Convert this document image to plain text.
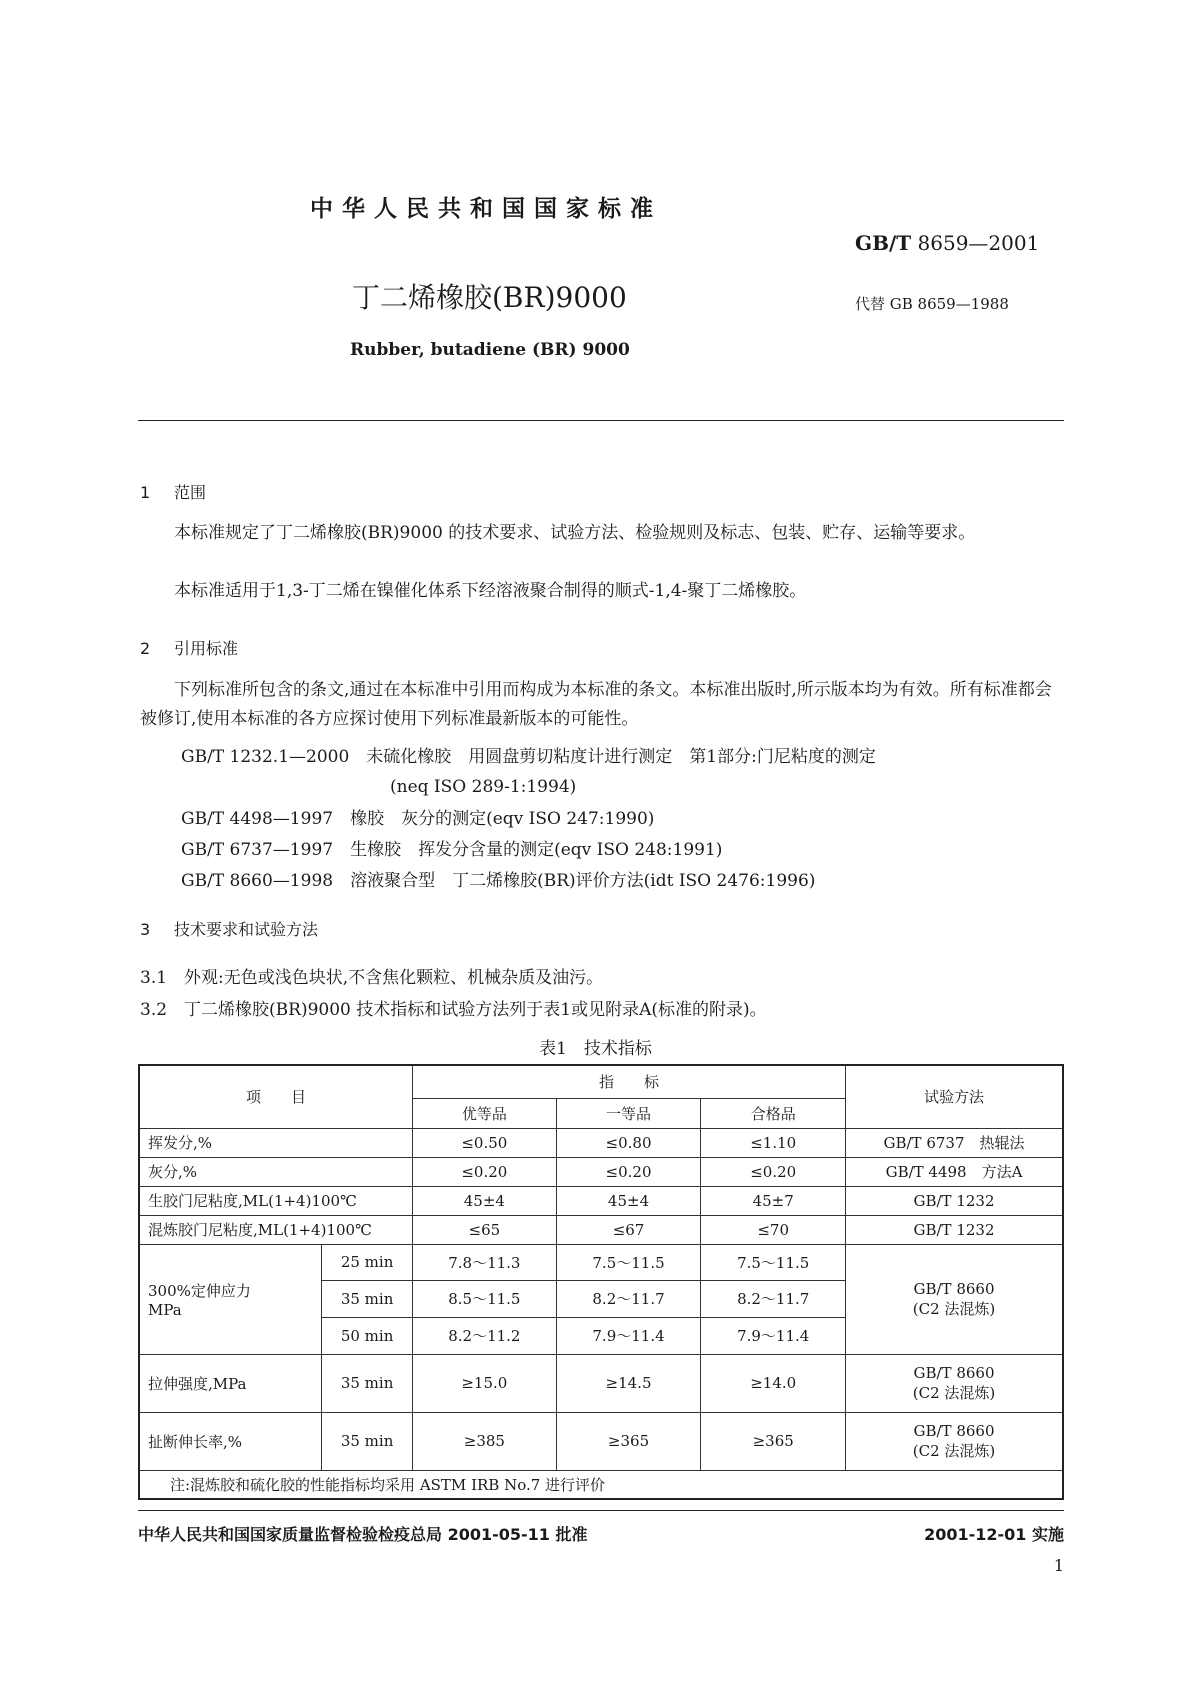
中华人民共和国国家标准
GB/T 8659—2001
丁二烯橡胶(BR)9000	代替 GB 8659—1988
Rubber, butadiene (BR) 9000
1 范围
本标准规定了丁二烯橡胶(BR)9000 的技术要求、试验方法、检验规则及标志、包装、贮存、运输等要求。
本标准适用于1,3-丁二烯在镍催化体系下经溶液聚合制得的顺式-1,4-聚丁二烯橡胶。
2 引用标准
下列标准所包含的条文,通过在本标准中引用而构成为本标准的条文。本标准出版时,所示版本均为有效。所有标准都会被修订,使用本标准的各方应探讨使用下列标准最新版本的可能性。
GB/T 1232.1—2000　未硫化橡胶　用圆盘剪切粘度计进行测定　第1部分:门尼粘度的测定
(neq ISO 289-1:1994)
GB/T 4498—1997　橡胶　灰分的测定(eqv ISO 247:1990)
GB/T 6737—1997　生橡胶　挥发分含量的测定(eqv ISO 248:1991)
GB/T 8660—1998　溶液聚合型　丁二烯橡胶(BR)评价方法(idt ISO 2476:1996)
3 技术要求和试验方法
3.1　外观:无色或浅色块状,不含焦化颗粒、机械杂质及油污。
3.2　丁二烯橡胶(BR)9000 技术指标和试验方法列于表1或见附录A(标准的附录)。
表1　技术指标
项　　目		指　　标			试验方法
		优等品	一等品	合格品	
挥发分,%		≤0.50	≤0.80	≤1.10	GB/T 6737　热辊法
灰分,%		≤0.20	≤0.20	≤0.20	GB/T 4498　方法A
生胶门尼粘度,ML(1+4)100℃		45±4	45±4	45±7	GB/T 1232
混炼胶门尼粘度,ML(1+4)100℃		≤65	≤67	≤70	GB/T 1232
300%定伸应力
MPa	25 min	7.8～11.3	7.5～11.5	7.5～11.5	GB/T 8660
(C2 法混炼)
	35 min	8.5～11.5	8.2～11.7	8.2～11.7	
	50 min	8.2～11.2	7.9～11.4	7.9～11.4	
拉伸强度,MPa	35 min	≥15.0	≥14.5	≥14.0	GB/T 8660
(C2 法混炼)
扯断伸长率,%	35 min	≥385	≥365	≥365	GB/T 8660
(C2 法混炼)
注:混炼胶和硫化胶的性能指标均采用 ASTM IRB No.7 进行评价					
中华人民共和国国家质量监督检验检疫总局 2001-05-11 批准	2001-12-01 实施
1
